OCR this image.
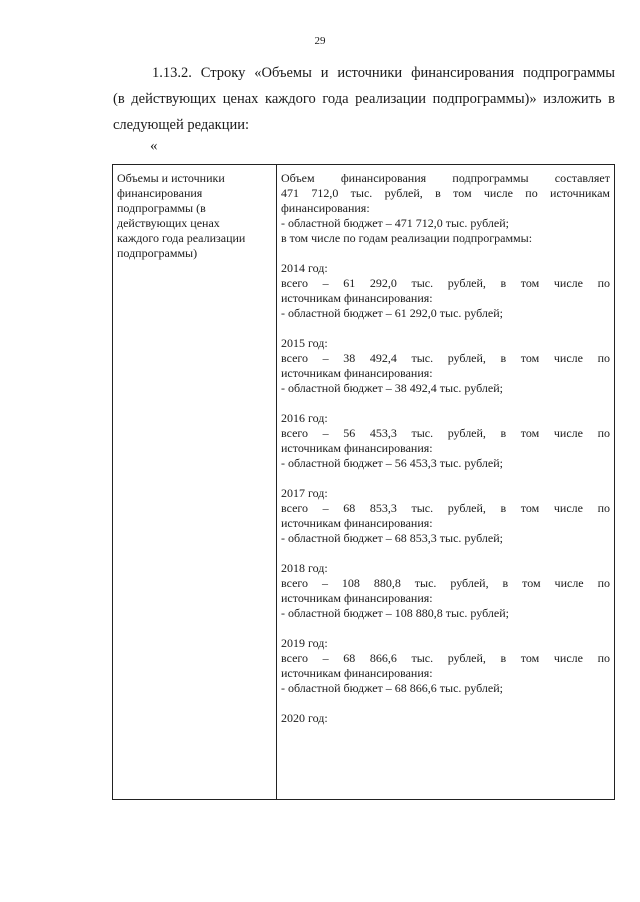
29
1.13.2. Строку «Объемы и источники финансирования подпрограммы
(в действующих ценах каждого года реализации подпрограммы)» изложить в
следующей редакции:
«
Объемы и источники
финансирования
подпрограммы (в
действующих ценах
каждого года реализации
подпрограммы)
Объем финансирования подпрограммы составляет
471 712,0 тыс. рублей, в том числе по источникам
финансирования:
- областной бюджет – 471 712,0 тыс. рублей;
в том числе по годам реализации подпрограммы:
2014 год:
всего – 61 292,0 тыс. рублей, в том числе по
источникам финансирования:
- областной бюджет – 61 292,0 тыс. рублей;
2015 год:
всего – 38 492,4 тыс. рублей, в том числе по
источникам финансирования:
- областной бюджет – 38 492,4 тыс. рублей;
2016 год:
всего – 56 453,3 тыс. рублей, в том числе по
источникам финансирования:
- областной бюджет – 56 453,3 тыс. рублей;
2017 год:
всего – 68 853,3 тыс. рублей, в том числе по
источникам финансирования:
- областной бюджет – 68 853,3 тыс. рублей;
2018 год:
всего – 108 880,8 тыс. рублей, в том числе по
источникам финансирования:
- областной бюджет – 108 880,8 тыс. рублей;
2019 год:
всего – 68 866,6 тыс. рублей, в том числе по
источникам финансирования:
- областной бюджет – 68 866,6 тыс. рублей;
2020 год:
